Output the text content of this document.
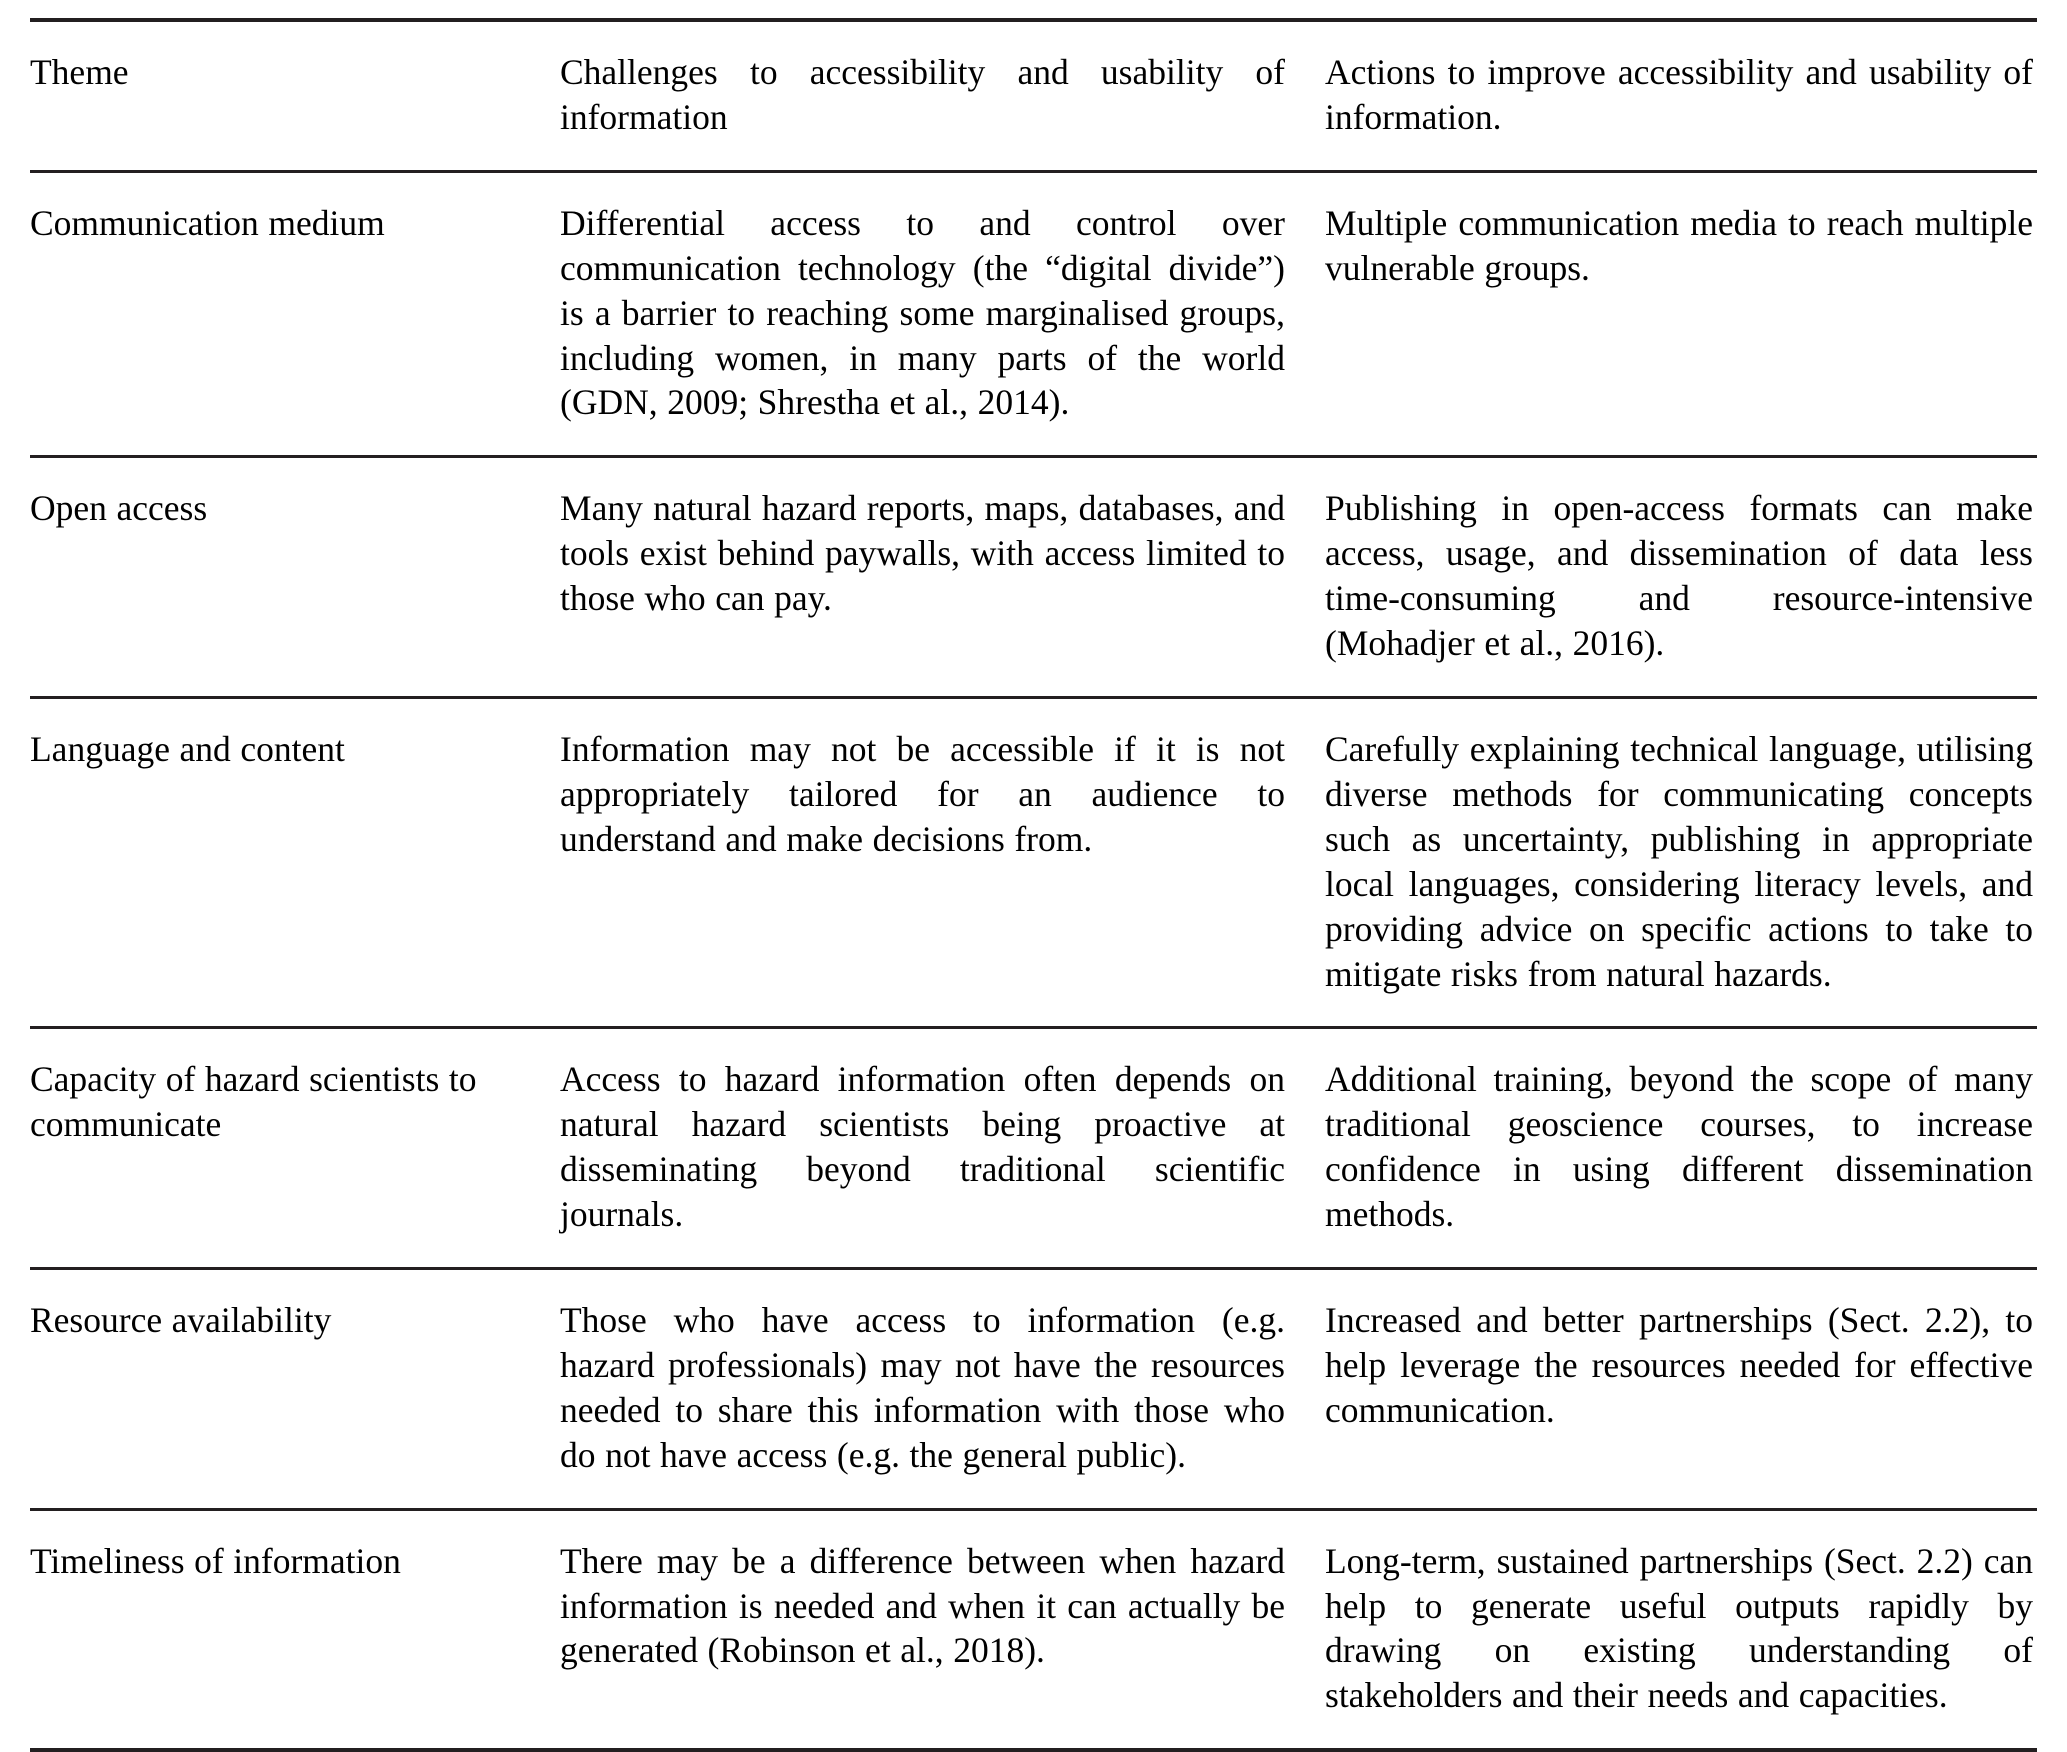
Theme	Challenges to accessibility and usability of information	Actions to improve accessibility and usability of information.

Communication medium	Differential access to and control over communication technology (the “digital divide”) is a barrier to reaching some marginalised groups, including women, in many parts of the world (GDN, 2009; Shrestha et al., 2014).	Multiple communication media to reach multiple vulnerable groups.

Open access	Many natural hazard reports, maps, databases, and tools exist behind paywalls, with access limited to those who can pay.	Publishing in open-access formats can make access, usage, and dissemination of data less time-consuming and resource-intensive (Mohadjer et al., 2016).

Language and content	Information may not be accessible if it is not appropriately tailored for an audience to understand and make decisions from.	Carefully explaining technical language, utilising diverse methods for communicating concepts such as uncertainty, publishing in appropriate local languages, considering literacy levels, and providing advice on specific actions to take to mitigate risks from natural hazards.

Capacity of hazard scientists to communicate	Access to hazard information often depends on natural hazard scientists being proactive at disseminating beyond traditional scientific journals.	Additional training, beyond the scope of many traditional geoscience courses, to increase confidence in using different dissemination methods.

Resource availability	Those who have access to information (e.g. hazard professionals) may not have the resources needed to share this information with those who do not have access (e.g. the general public).	Increased and better partnerships (Sect. 2.2), to help leverage the resources needed for effective communication.

Timeliness of information	There may be a difference between when hazard information is needed and when it can actually be generated (Robinson et al., 2018).	Long-term, sustained partnerships (Sect. 2.2) can help to generate useful outputs rapidly by drawing on existing understanding of stakeholders and their needs and capacities.
